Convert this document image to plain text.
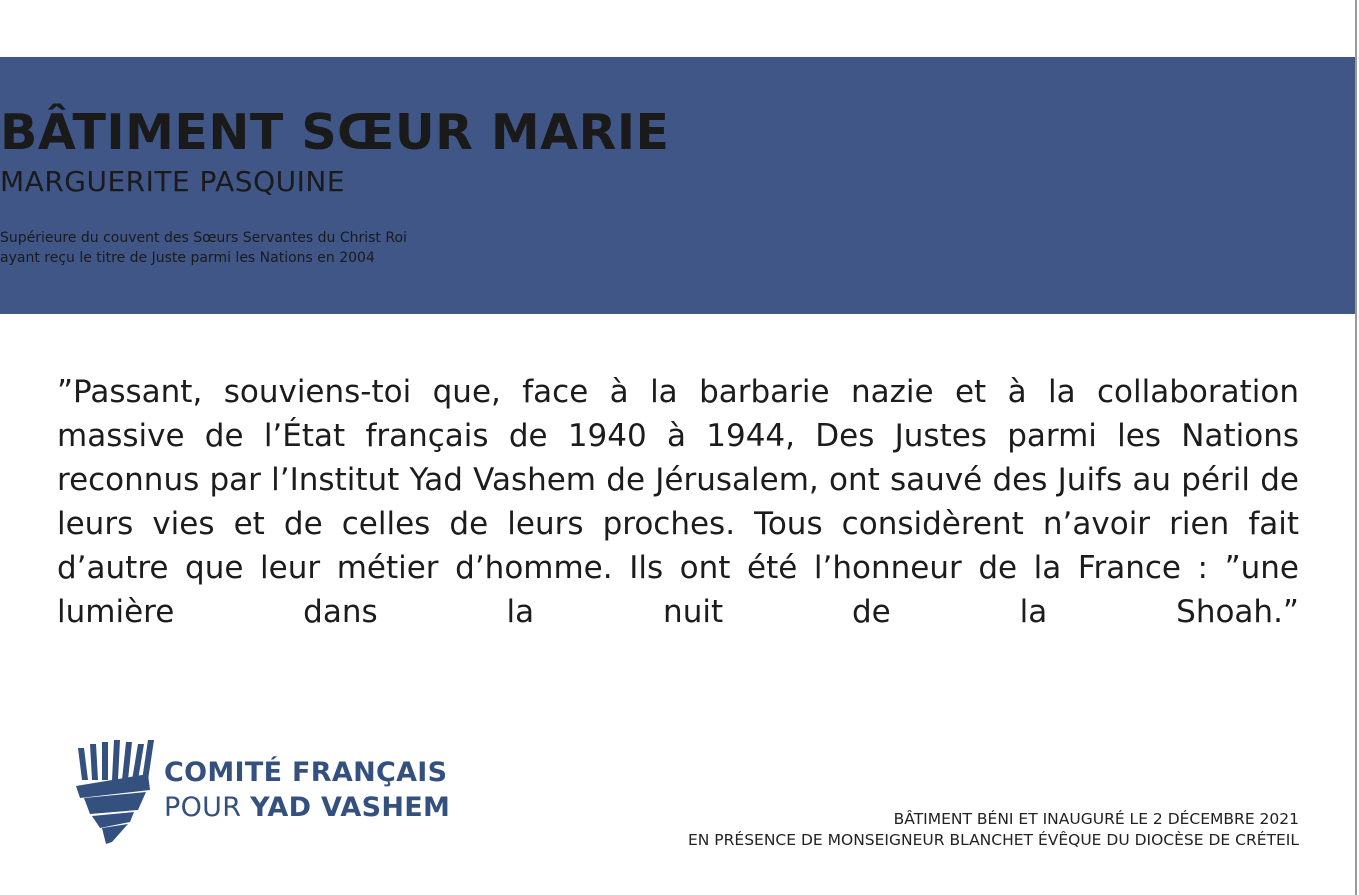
BÂTIMENT SŒUR MARIE
MARGUERITE PASQUINE
Supérieure du couvent des Sœurs Servantes du Christ Roi
ayant reçu le titre de Juste parmi les Nations en 2004

”Passant, souviens-toi que, face à la barbarie nazie et à la collaboration massive de l’État français de 1940 à 1944, Des Justes parmi les Nations reconnus par l’Institut Yad Vashem de Jérusalem, ont sauvé des Juifs au péril de leurs vies et de celles de leurs proches. Tous considèrent n’avoir rien fait d’autre que leur métier d’homme. Ils ont été l’honneur de la France : ”une lumière dans la nuit de la Shoah.”

COMITÉ FRANÇAIS
POUR YAD VASHEM	BÂTIMENT BÉNI ET INAUGURÉ LE 2 DÉCEMBRE 2021
EN PRÉSENCE DE MONSEIGNEUR BLANCHET ÉVÊQUE DU DIOCÈSE DE CRÉTEIL
